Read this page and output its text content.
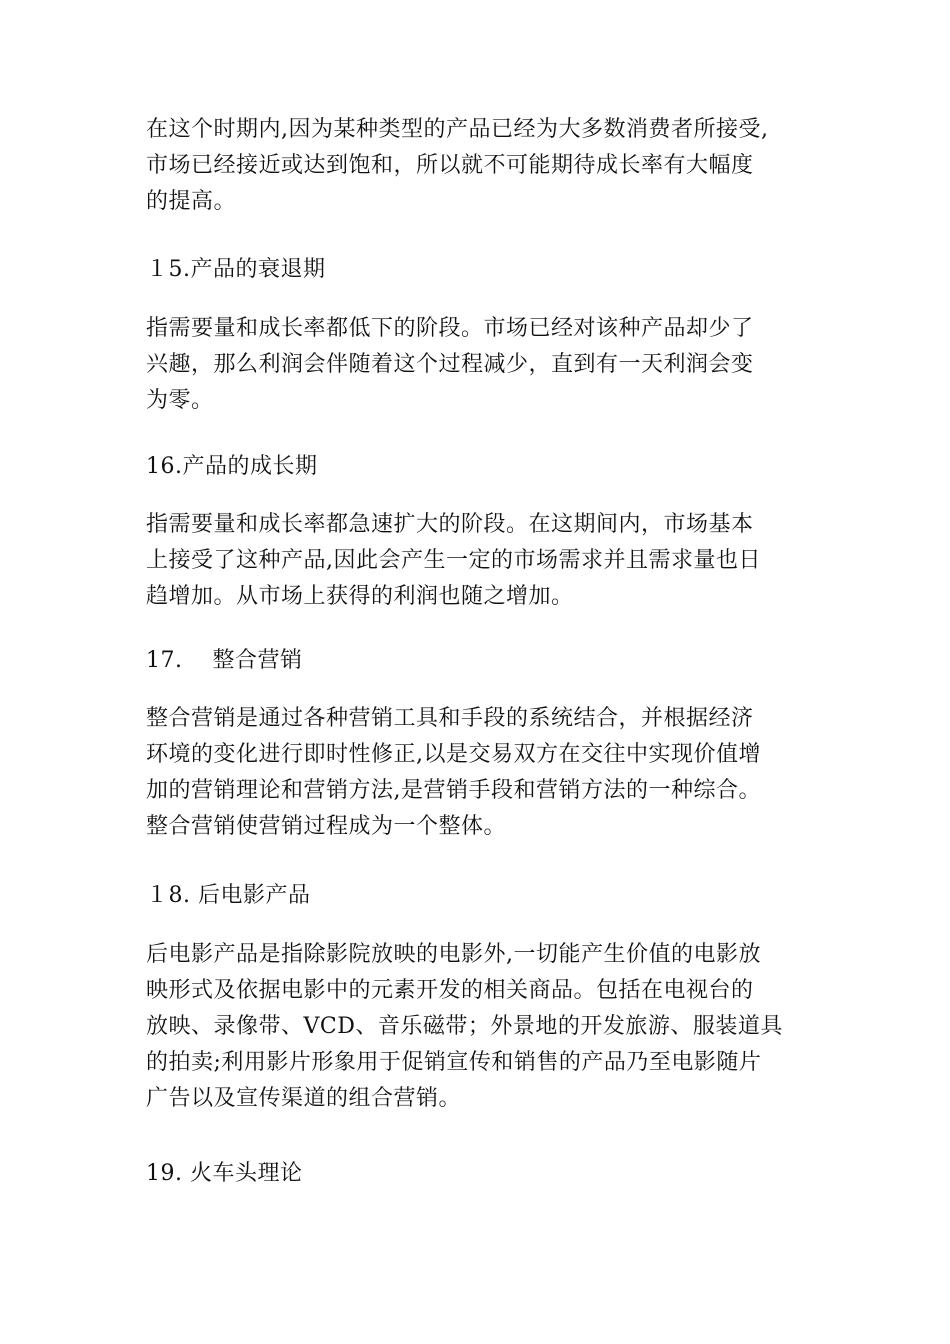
在这个时期内,因为某种类型的产品已经为大多数消费者所接受,
市场已经接近或达到饱和，所以就不可能期待成长率有大幅度
的提高。
１5.产品的衰退期
指需要量和成长率都低下的阶段。市场已经对该种产品却少了
兴趣，那么利润会伴随着这个过程减少，直到有一天利润会变
为零。
16.产品的成长期
指需要量和成长率都急速扩大的阶段。在这期间内，市场基本
上接受了这种产品,因此会产生一定的市场需求并且需求量也日
趋增加。从市场上获得的利润也随之增加。
17.　 整合营销
整合营销是通过各种营销工具和手段的系统结合，并根据经济
环境的变化进行即时性修正,以是交易双方在交往中实现价值增
加的营销理论和营销方法,是营销手段和营销方法的一种综合。
整合营销使营销过程成为一个整体。
１8. 后电影产品
后电影产品是指除影院放映的电影外,一切能产生价值的电影放
映形式及依据电影中的元素开发的相关商品。包括在电视台的
放映、录像带、VCD、音乐磁带；外景地的开发旅游、服装道具
的拍卖;利用影片形象用于促销宣传和销售的产品乃至电影随片
广告以及宣传渠道的组合营销。
19. 火车头理论
